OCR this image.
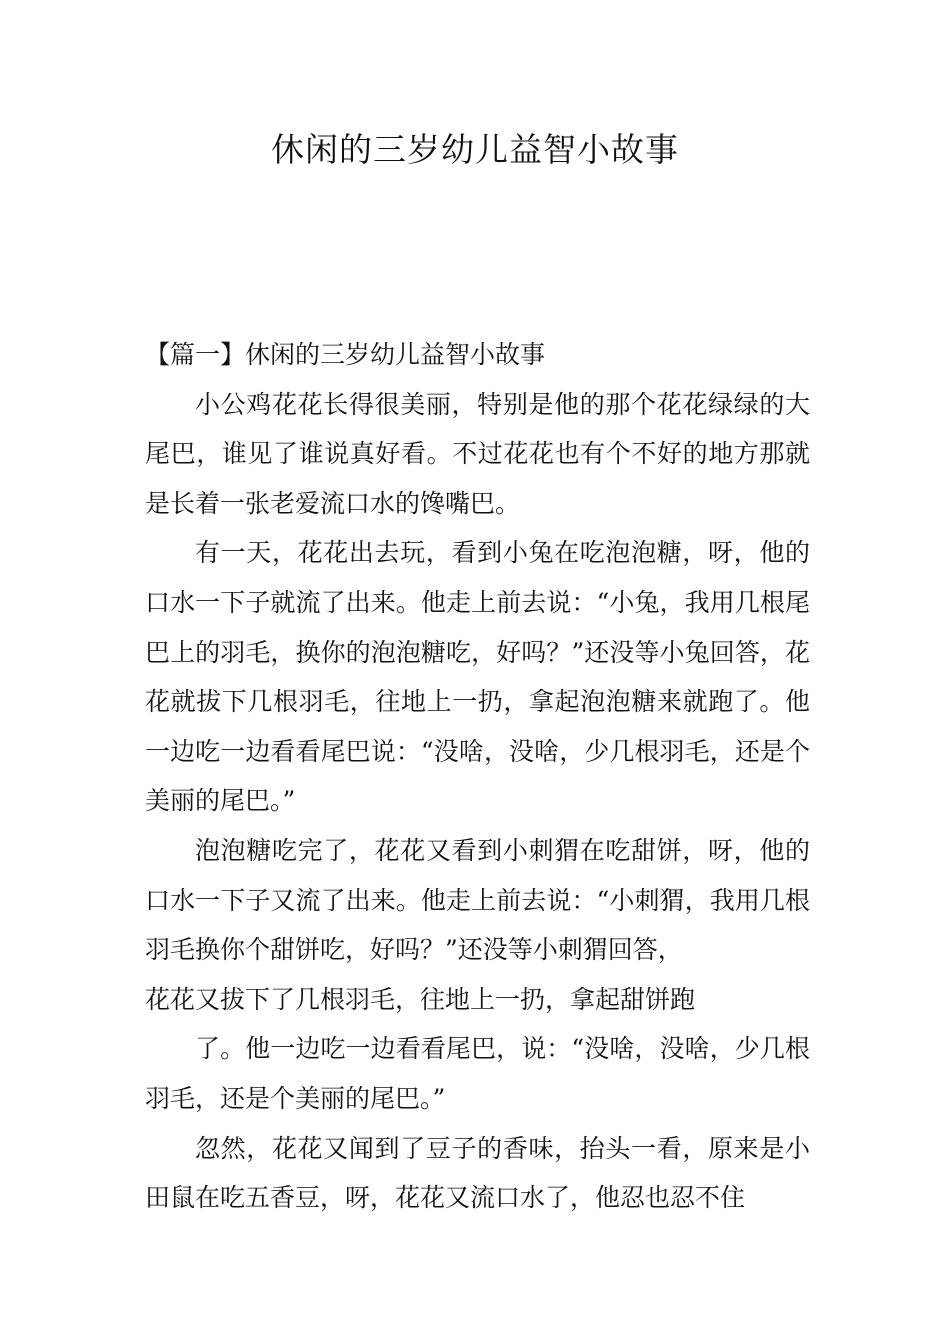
休闲的三岁幼儿益智小故事

【篇一】休闲的三岁幼儿益智小故事

小公鸡花花长得很美丽，特别是他的那个花花绿绿的大尾巴，谁见了谁说真好看。不过花花也有个不好的地方那就是长着一张老爱流口水的馋嘴巴。

有一天，花花出去玩，看到小兔在吃泡泡糖，呀，他的口水一下子就流了出来。他走上前去说：“小兔，我用几根尾巴上的羽毛，换你的泡泡糖吃，好吗？”还没等小兔回答，花花就拔下几根羽毛，往地上一扔，拿起泡泡糖来就跑了。他一边吃一边看看尾巴说：“没啥，没啥，少几根羽毛，还是个美丽的尾巴。”

泡泡糖吃完了，花花又看到小刺猬在吃甜饼，呀，他的口水一下子又流了出来。他走上前去说：“小刺猬，我用几根羽毛换你个甜饼吃，好吗？”还没等小刺猬回答，

花花又拔下了几根羽毛，往地上一扔，拿起甜饼跑

了。他一边吃一边看看尾巴，说：“没啥，没啥，少几根羽毛，还是个美丽的尾巴。”

忽然，花花又闻到了豆子的香味，抬头一看，原来是小田鼠在吃五香豆，呀，花花又流口水了，他忍也忍不住
